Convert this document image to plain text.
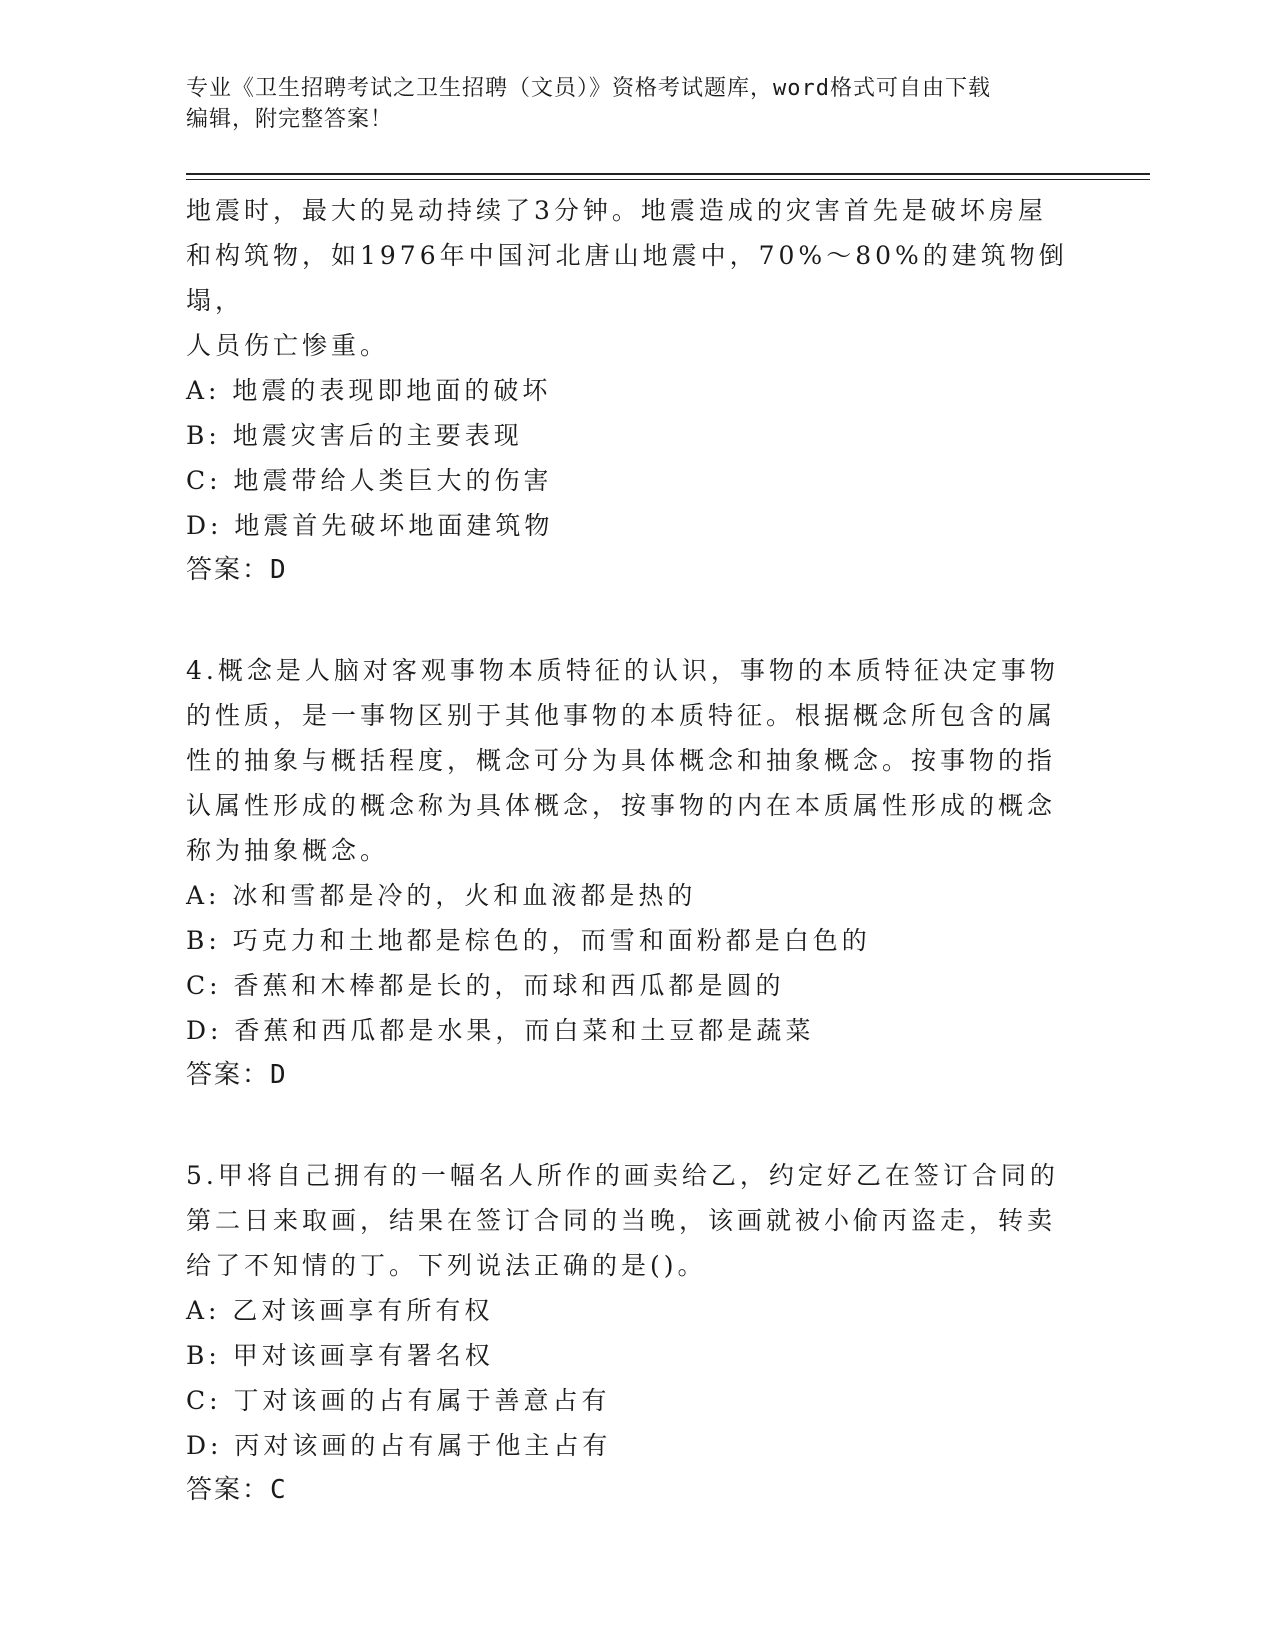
专业《卫生招聘考试之卫生招聘（文员）》资格考试题库，word格式可自由下载
编辑，附完整答案！

地震时，最大的晃动持续了3分钟。地震造成的灾害首先是破坏房屋

和构筑物，如1976年中国河北唐山地震中，70%～80%的建筑物倒塌，

人员伤亡惨重。

A: 地震的表现即地面的破坏

B: 地震灾害后的主要表现

C: 地震带给人类巨大的伤害

D: 地震首先破坏地面建筑物

答案：D

4.概念是人脑对客观事物本质特征的认识，事物的本质特征决定事物

的性质，是一事物区别于其他事物的本质特征。根据概念所包含的属

性的抽象与概括程度，概念可分为具体概念和抽象概念。按事物的指

认属性形成的概念称为具体概念，按事物的内在本质属性形成的概念

称为抽象概念。

A: 冰和雪都是冷的，火和血液都是热的

B: 巧克力和土地都是棕色的，而雪和面粉都是白色的

C: 香蕉和木棒都是长的，而球和西瓜都是圆的

D: 香蕉和西瓜都是水果，而白菜和土豆都是蔬菜

答案：D

5.甲将自己拥有的一幅名人所作的画卖给乙，约定好乙在签订合同的

第二日来取画，结果在签订合同的当晚，该画就被小偷丙盗走，转卖

给了不知情的丁。下列说法正确的是()。

A: 乙对该画享有所有权

B: 甲对该画享有署名权

C: 丁对该画的占有属于善意占有

D: 丙对该画的占有属于他主占有

答案：C
